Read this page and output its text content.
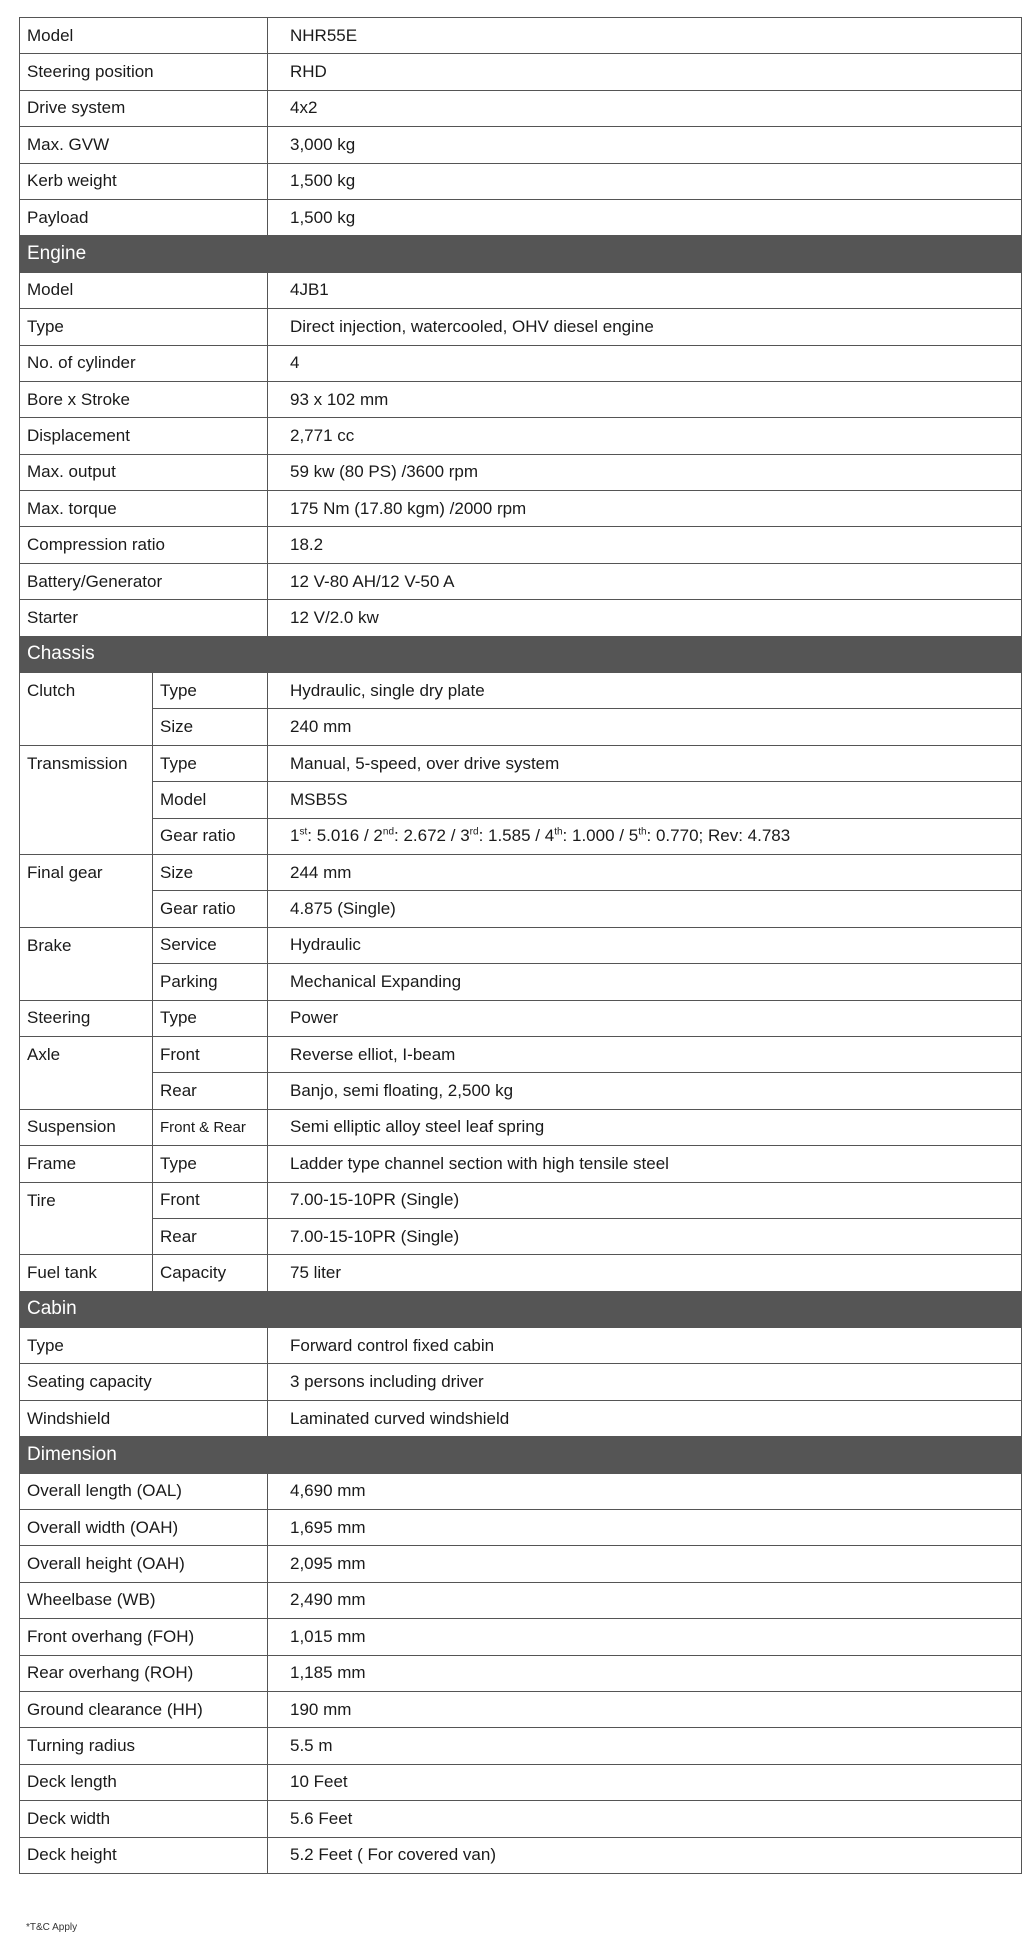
Model		NHR55E
Steering position		RHD
Drive system		4x2
Max. GVW		3,000 kg
Kerb weight		1,500 kg
Payload		1,500 kg
Engine		
Model		4JB1
Type		Direct injection, watercooled, OHV diesel engine
No. of cylinder		4
Bore x Stroke		93 x 102 mm
Displacement		2,771 cc
Max. output		59 kw (80 PS) /3600 rpm
Max. torque		175 Nm (17.80 kgm) /2000 rpm
Compression ratio		18.2
Battery/Generator		12 V-80 AH/12 V-50 A
Starter		12 V/2.0 kw
Chassis		
Clutch	Type	Hydraulic, single dry plate
	Size	240 mm
Transmission	Type	Manual, 5-speed, over drive system
	Model	MSB5S
	Gear ratio	1st: 5.016 / 2nd: 2.672 / 3rd: 1.585 / 4th: 1.000 / 5th: 0.770; Rev: 4.783
Final gear	Size	244 mm
	Gear ratio	4.875 (Single)
Brake	Service	Hydraulic
	Parking	Mechanical Expanding
Steering	Type	Power
Axle	Front	Reverse elliot, I-beam
	Rear	Banjo, semi floating, 2,500 kg
Suspension	Front & Rear	Semi elliptic alloy steel leaf spring
Frame	Type	Ladder type channel section with high tensile steel
Tire	Front	7.00-15-10PR (Single)
	Rear	7.00-15-10PR (Single)
Fuel tank	Capacity	75 liter
Cabin		
Type		Forward control fixed cabin
Seating capacity		3 persons including driver
Windshield		Laminated curved windshield
Dimension		
Overall length (OAL)		4,690 mm
Overall width (OAH)		1,695 mm
Overall height (OAH)		2,095 mm
Wheelbase (WB)		2,490 mm
Front overhang (FOH)		1,015 mm
Rear overhang (ROH)		1,185 mm
Ground clearance (HH)		190 mm
Turning radius		5.5 m
Deck length		10 Feet
Deck width		5.6 Feet
Deck height		5.2 Feet ( For covered van)
*T&C Apply
